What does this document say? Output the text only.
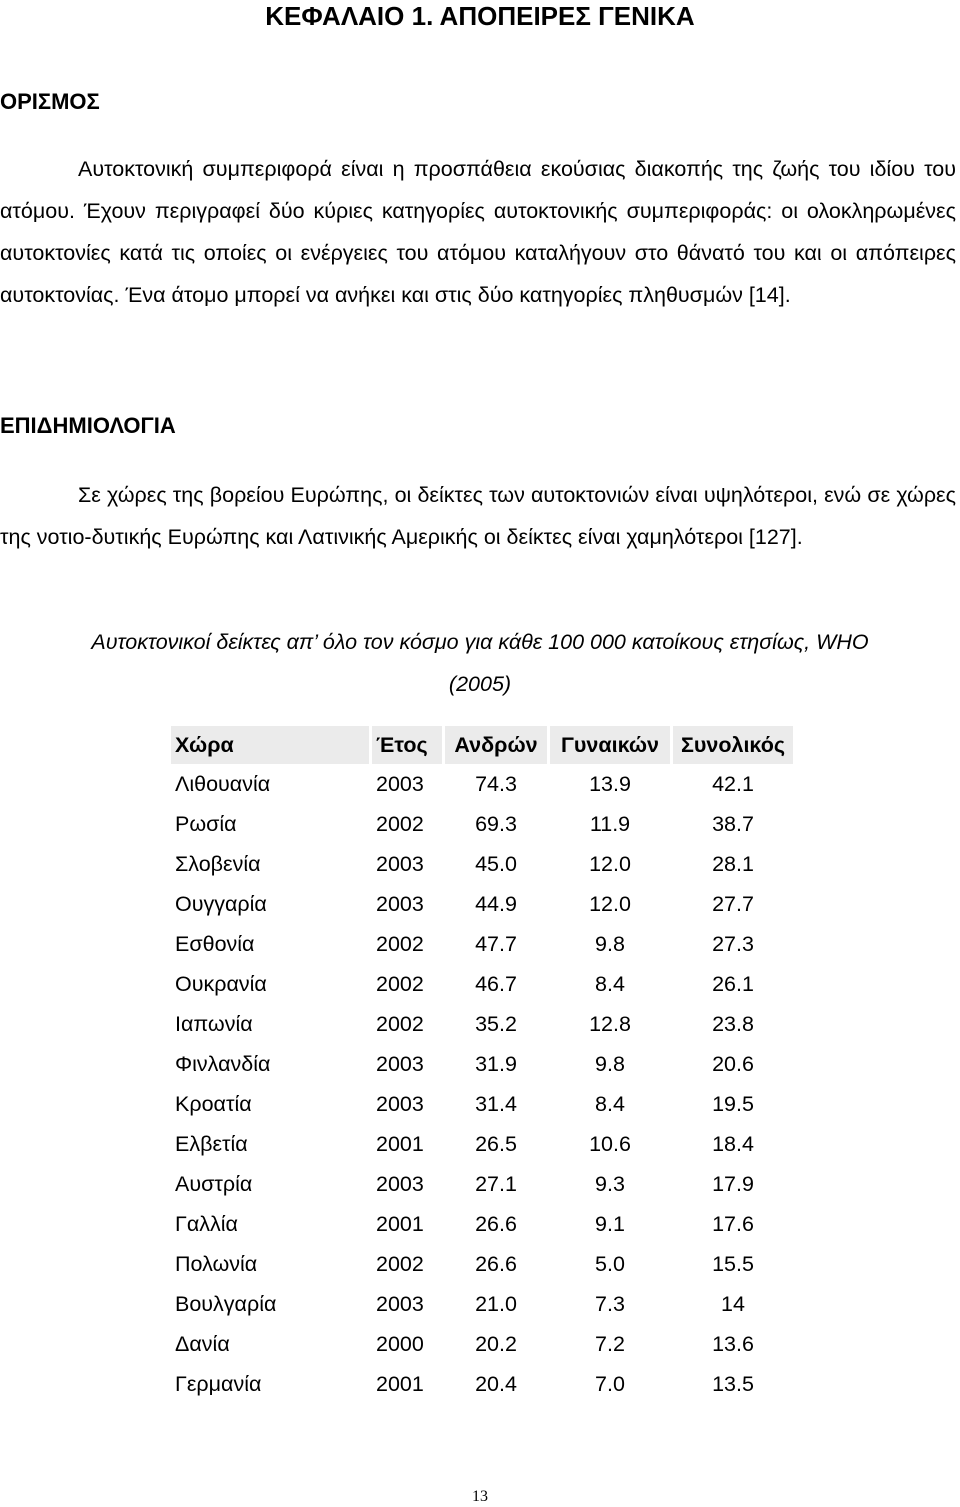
ΚΕΦΑΛΑΙΟ 1. ΑΠΟΠΕΙΡΕΣ ΓΕΝΙΚΑ
ΟΡΙΣΜΟΣ

Αυτοκτονική συμπεριφορά είναι η προσπάθεια εκούσιας διακοπής της ζωής του ιδίου του ατόμου. Έχουν περιγραφεί δύο κύριες κατηγορίες αυτοκτονικής συμπεριφοράς: οι ολοκληρωμένες αυτοκτονίες κατά τις οποίες οι ενέργειες του ατόμου καταλήγουν στο θάνατό του και οι απόπειρες αυτοκτονίας. Ένα άτομο μπορεί να ανήκει και στις δύο κατηγορίες πληθυσμών [14].

ΕΠΙΔΗΜΙΟΛΟΓΙΑ

Σε χώρες της βορείου Ευρώπης, οι δείκτες των αυτοκτονιών είναι υψηλότεροι, ενώ σε χώρες της νοτιο-δυτικής Ευρώπης και Λατινικής Αμερικής οι δείκτες είναι χαμηλότεροι [127].

Αυτοκτονικοί δείκτες απ’ όλο τον κόσμο για κάθε 100 000 κατοίκους ετησίως, WHO
(2005)
Χώρα	Έτος	Ανδρών	Γυναικών	Συνολικός
Λιθουανία	2003	74.3	13.9	42.1
Ρωσία	2002	69.3	11.9	38.7
Σλοβενία	2003	45.0	12.0	28.1
Ουγγαρία	2003	44.9	12.0	27.7
Εσθονία	2002	47.7	9.8	27.3
Ουκρανία	2002	46.7	8.4	26.1
Ιαπωνία	2002	35.2	12.8	23.8
Φινλανδία	2003	31.9	9.8	20.6
Κροατία	2003	31.4	8.4	19.5
Ελβετία	2001	26.5	10.6	18.4
Αυστρία	2003	27.1	9.3	17.9
Γαλλία	2001	26.6	9.1	17.6
Πολωνία	2002	26.6	5.0	15.5
Βουλγαρία	2003	21.0	7.3	14
Δανία	2000	20.2	7.2	13.6
Γερμανία	2001	20.4	7.0	13.5
13
